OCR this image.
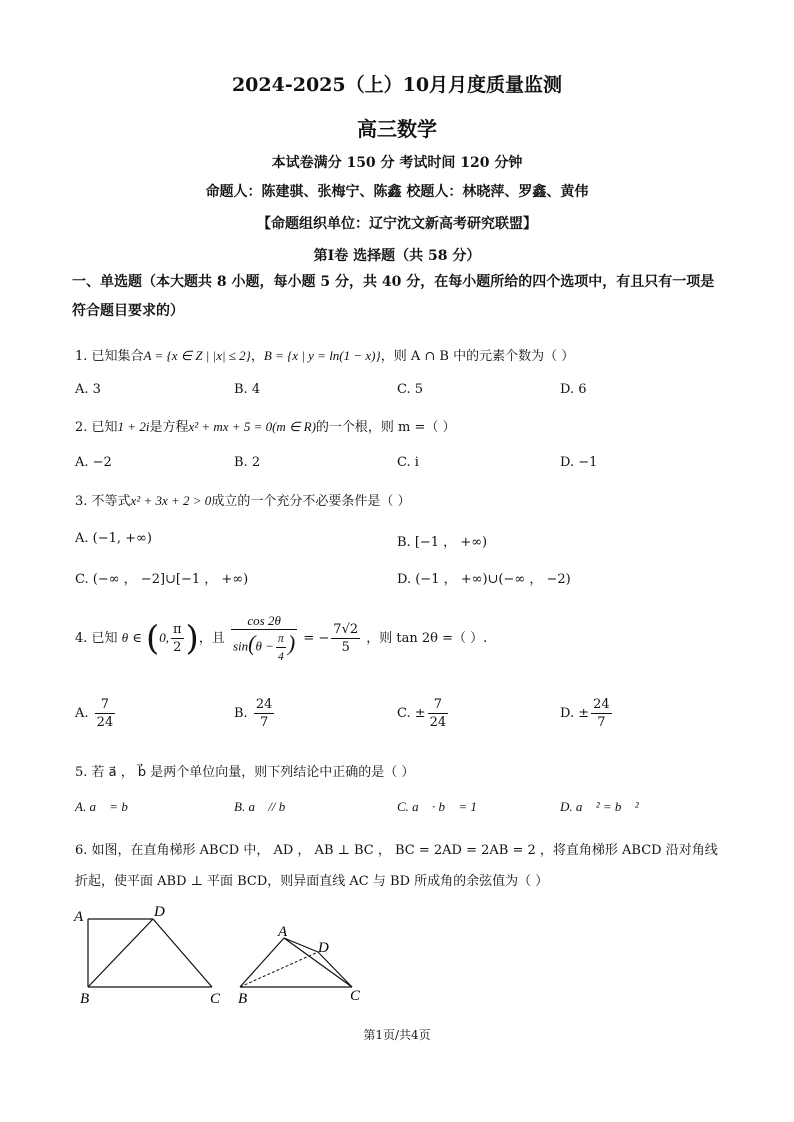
2024-2025（上）10月月度质量监测
高三数学
本试卷满分 150 分 考试时间 120 分钟
命题人：陈建骐、张梅宁、陈鑫 校题人：林晓萍、罗鑫、黄伟
【命题组织单位：辽宁沈文新高考研究联盟】
第Ⅰ卷 选择题（共 58 分）
一、单选题（本大题共 8 小题，每小题 5 分，共 40 分，在每小题所给的四个选项中，有且只有一项是符合题目要求的）
1. 已知集合A = {x ∈ Z | |x| ≤ 2}，B = {x | y = ln(1 − x)}，则 A ∩ B 中的元素个数为（ ）
A. 3	B. 4	C. 5	D. 6
2. 已知1 + 2i是方程x² + mx + 5 = 0(m ∈ R)的一个根，则 m =（ ）
A. −2	B. 2	C. i	D. −1
3. 不等式x² + 3x + 2 > 0成立的一个充分不必要条件是（ ）
A. (−1, +∞)	B. [−1 ， +∞)
C. (−∞ ， −2]∪[−1 ， +∞)	D. (−1 ， +∞)∪(−∞ ， −2)
4. 已知 θ ∈ (0, $\frac{\pi}{2}$ )，且 $\frac{\cos 2\theta}{\sin(\theta - \frac{\pi}{4} )}$ = − $\frac{7√2}{5}$ ，则 tan 2θ =（ ）.
A. $\frac{7}{24}$	B. $\frac{24}{7}$	C. ± $\frac{7}{24}$	D. ± $\frac{24}{7}$
5. 若 a⃗ ， b⃗ 是两个单位向量，则下列结论中正确的是（ ）
A. a⃗ = b⃗	B. a⃗ // b⃗	C. a⃗ · b⃗ = 1	D. a⃗ ² = b⃗ ²
6. 如图，在直角梯形 ABCD 中， AD ， AB ⊥ BC ， BC = 2AD = 2AB = 2 ，将直角梯形 ABCD 沿对角线
折起，使平面 ABD ⊥ 平面 BCD，则异面直线 AC 与 BD 所成角的余弦值为（ ）
A	D
B	C
A
D
B	C
第1页/共4页
